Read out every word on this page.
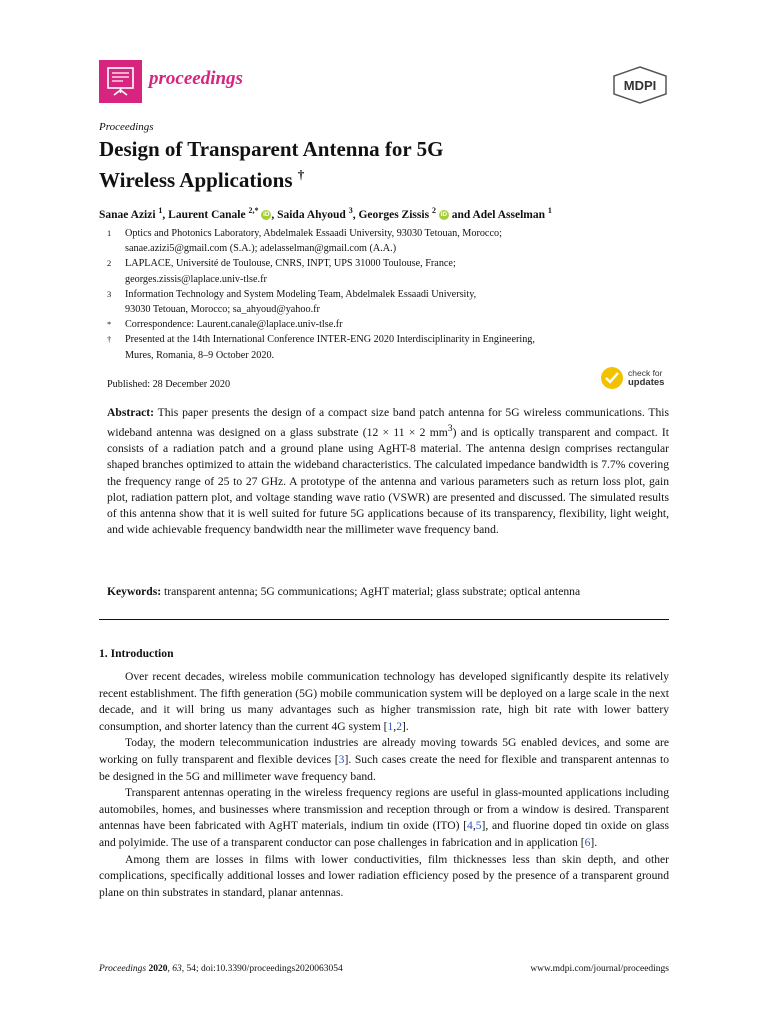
proceedings	MDPI
Proceedings
Design of Transparent Antenna for 5G
Wireless Applications †
Sanae Azizi $^1$, Laurent Canale $^{2,*}$ iD , Saida Ahyoud $^3$, Georges Zissis $^2$ iD and Adel Asselman $^1$
1	Optics and Photonics Laboratory, Abdelmalek Essaadi University, 93030 Tetouan, Morocco;
sanae.azizi5@gmail.com (S.A.); adelasselman@gmail.com (A.A.)
2	LAPLACE, Université de Toulouse, CNRS, INPT, UPS 31000 Toulouse, France;
georges.zissis@laplace.univ-tlse.fr
3	Information Technology and System Modeling Team, Abdelmalek Essaadi University,
93030 Tetouan, Morocco; sa_ahyoud@yahoo.fr
*	Correspondence: Laurent.canale@laplace.univ-tlse.fr
†	Presented at the 14th International Conference INTER-ENG 2020 Interdisciplinarity in Engineering,
Mures, Romania, 8–9 October 2020.
Published: 28 December 2020
check for
updates

Abstract: This paper presents the design of a compact size band patch antenna for 5G wireless communications. This wideband antenna was designed on a glass substrate (12 × 11 × 2 $mm^3$) and is optically transparent and compact. It consists of a radiation patch and a ground plane using AgHT-8 material. The antenna design comprises rectangular shaped branches optimized to attain the wideband characteristics. The calculated impedance bandwidth is 7.7% covering the frequency range of 25 to 27 GHz. A prototype of the antenna and various parameters such as return loss plot, gain plot, radiation pattern plot, and voltage standing wave ratio (VSWR) are presented and discussed. The simulated results of this antenna show that it is well suited for future 5G applications because of its transparency, flexibility, light weight, and wide achievable frequency bandwidth near the millimeter wave frequency band.

Keywords: transparent antenna; 5G communications; AgHT material; glass substrate; optical antenna

1. Introduction

Over recent decades, wireless mobile communication technology has developed significantly despite its relatively recent establishment. The fifth generation (5G) mobile communication system will be deployed on a large scale in the next decade, and it will bring us many advantages such as higher transmission rate, high bit rate with lower battery consumption, and shorter latency than the current 4G system [1,2].

Today, the modern telecommunication industries are already moving towards 5G enabled devices, and some are working on fully transparent and flexible devices [3]. Such cases create the need for flexible and transparent antennas to be designed in the 5G and millimeter wave frequency band.

Transparent antennas operating in the wireless frequency regions are useful in glass-mounted applications including automobiles, homes, and businesses where transmission and reception through or from a window is desired. Transparent antennas have been fabricated with AgHT materials, indium tin oxide (ITO) [4,5], and fluorine doped tin oxide on glass and polyimide. The use of a transparent conductor can pose challenges in fabrication and in application [6].

Among them are losses in films with lower conductivities, film thicknesses less than skin depth, and other complications, specifically additional losses and lower radiation efficiency posed by the presence of a transparent ground plane on thin substrates in standard, planar antennas.

Proceedings 2020, 63, 54; doi:10.3390/proceedings2020063054	www.mdpi.com/journal/proceedings
